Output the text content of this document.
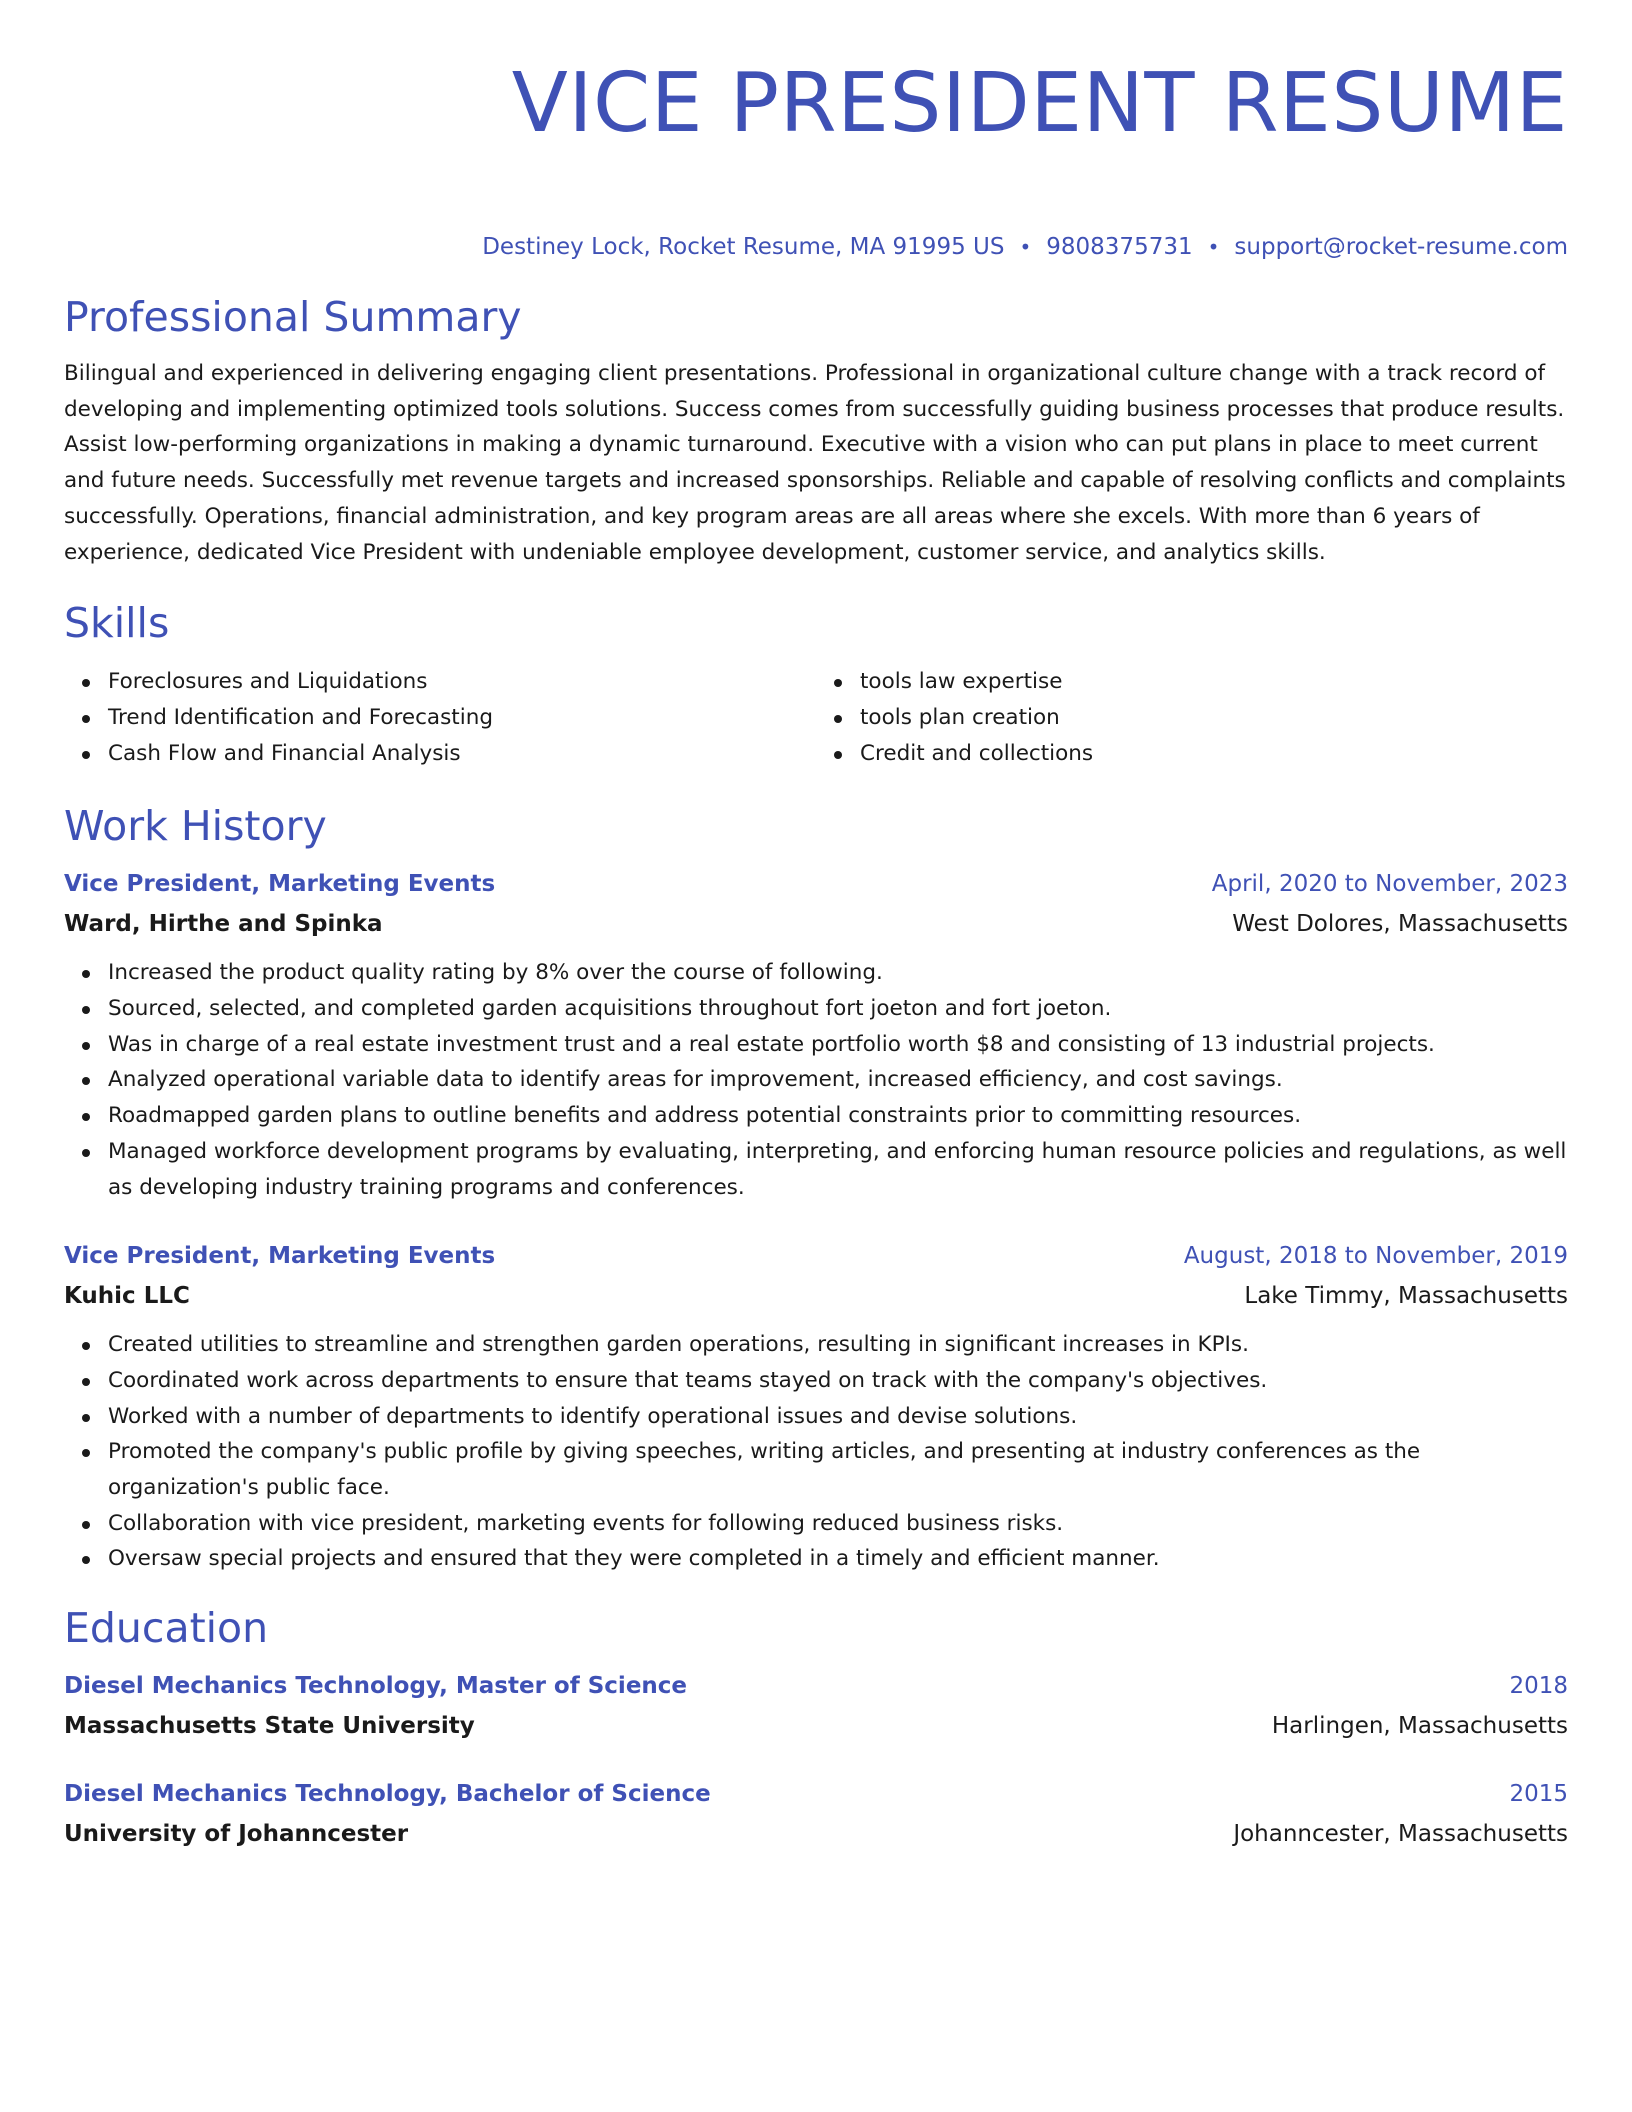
VICE PRESIDENT RESUME
Destiney Lock, Rocket Resume, MA 91995 US • 9808375731 • support@rocket-resume.com
Professional Summary

Bilingual and experienced in delivering engaging client presentations. Professional in organizational culture change with a track record of developing and implementing optimized tools solutions. Success comes from successfully guiding business processes that produce results. Assist low-performing organizations in making a dynamic turnaround. Executive with a vision who can put plans in place to meet current and future needs. Successfully met revenue targets and increased sponsorships. Reliable and capable of resolving conflicts and complaints successfully. Operations, financial administration, and key program areas are all areas where she excels. With more than 6 years of experience, dedicated Vice President with undeniable employee development, customer service, and analytics skills.

Skills
Foreclosures and Liquidations
Trend Identification and Forecasting
Cash Flow and Financial Analysis
tools law expertise
tools plan creation
Credit and collections
Work History
Vice President, Marketing Events	April, 2020 to November, 2023
Ward, Hirthe and Spinka	West Dolores, Massachusetts
Increased the product quality rating by 8% over the course of following.
Sourced, selected, and completed garden acquisitions throughout fort joeton and fort joeton.
Was in charge of a real estate investment trust and a real estate portfolio worth $8 and consisting of 13 industrial projects.
Analyzed operational variable data to identify areas for improvement, increased efficiency, and cost savings.
Roadmapped garden plans to outline benefits and address potential constraints prior to committing resources.
Managed workforce development programs by evaluating, interpreting, and enforcing human resource policies and regulations, as well as developing industry training programs and conferences.
Vice President, Marketing Events	August, 2018 to November, 2019
Kuhic LLC	Lake Timmy, Massachusetts
Created utilities to streamline and strengthen garden operations, resulting in significant increases in KPIs.
Coordinated work across departments to ensure that teams stayed on track with the company's objectives.
Worked with a number of departments to identify operational issues and devise solutions.
Promoted the company's public profile by giving speeches, writing articles, and presenting at industry conferences as the organization's public face.
Collaboration with vice president, marketing events for following reduced business risks.
Oversaw special projects and ensured that they were completed in a timely and efficient manner.
Education
Diesel Mechanics Technology, Master of Science	2018
Massachusetts State University	Harlingen, Massachusetts
Diesel Mechanics Technology, Bachelor of Science	2015
University of Johanncester	Johanncester, Massachusetts
